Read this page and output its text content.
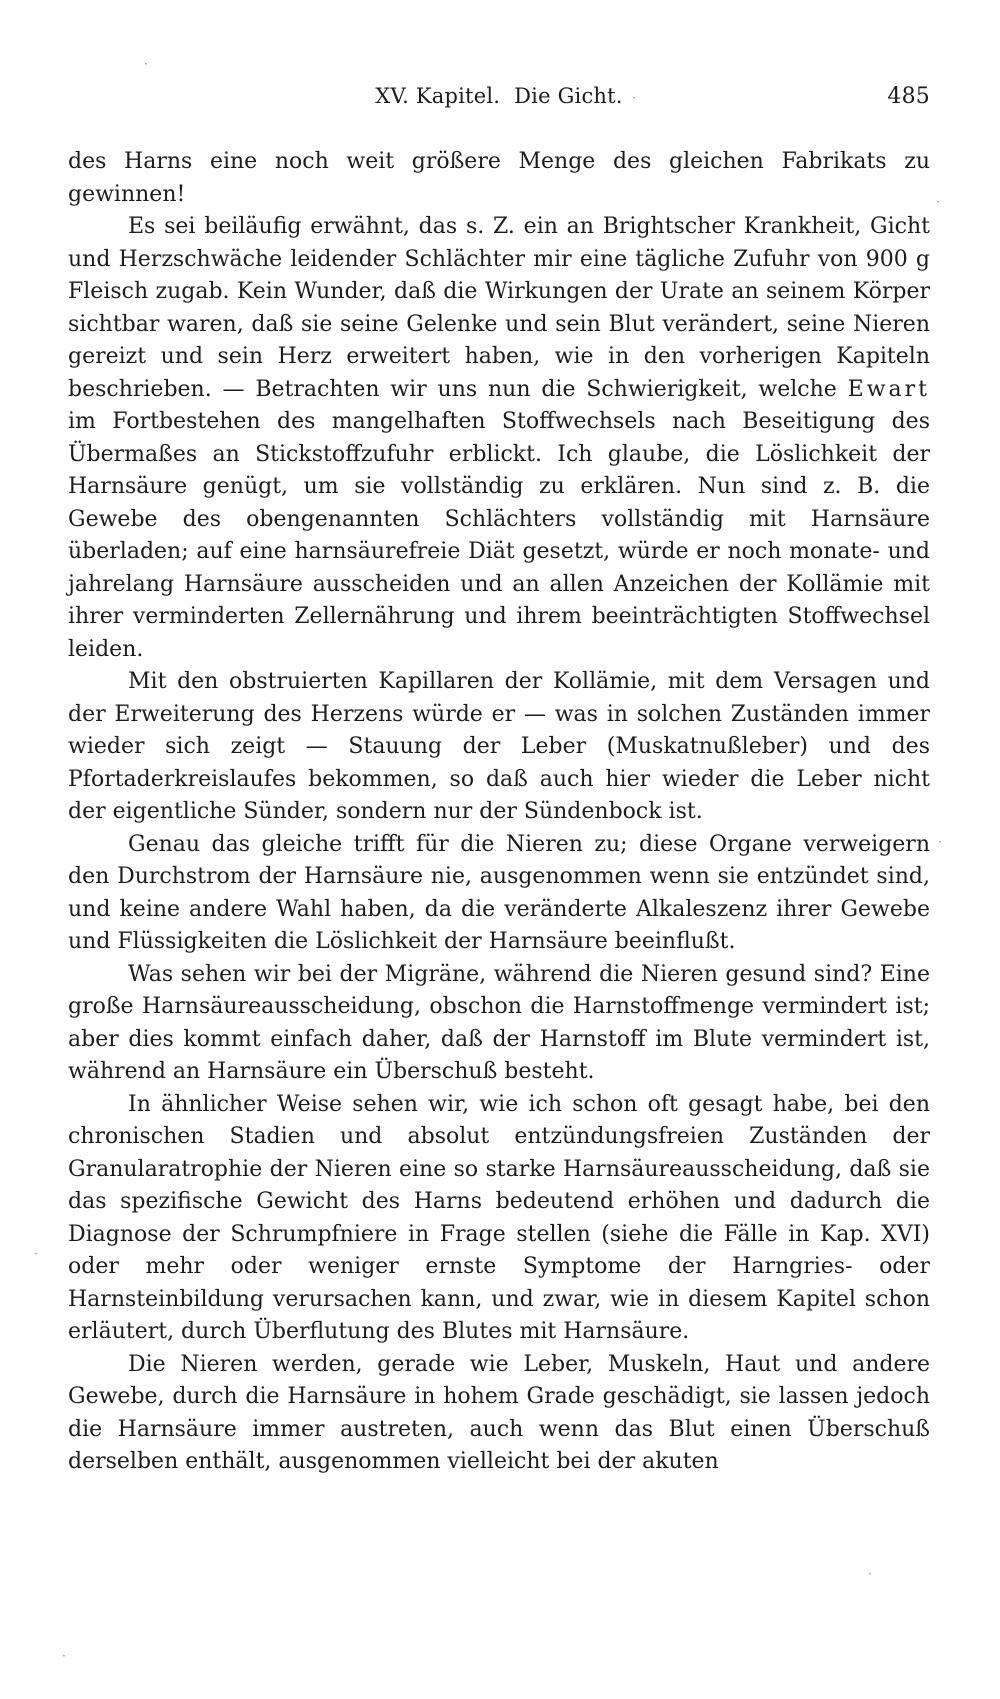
XV. Kapitel. Die Gicht.	485

des Harns eine noch weit größere Menge des gleichen Fabrikats zu gewinnen!

Es sei beiläufig erwähnt, das s. Z. ein an Brightscher Krankheit, Gicht und Herzschwäche leidender Schlächter mir eine tägliche Zufuhr von 900 g Fleisch zugab. Kein Wunder, daß die Wirkungen der Urate an seinem Körper sichtbar waren, daß sie seine Gelenke und sein Blut verändert, seine Nieren gereizt und sein Herz erweitert haben, wie in den vorherigen Kapiteln beschrieben. — Betrachten wir uns nun die Schwierigkeit, welche Ewart im Fortbestehen des mangelhaften Stoffwechsels nach Beseitigung des Übermaßes an Stickstoffzufuhr erblickt. Ich glaube, die Löslichkeit der Harnsäure genügt, um sie vollständig zu erklären. Nun sind z. B. die Gewebe des obengenannten Schlächters vollständig mit Harnsäure überladen; auf eine harnsäurefreie Diät gesetzt, würde er noch monate- und jahrelang Harnsäure ausscheiden und an allen Anzeichen der Kollämie mit ihrer verminderten Zellernährung und ihrem beeinträchtigten Stoffwechsel leiden.

Mit den obstruierten Kapillaren der Kollämie, mit dem Versagen und der Erweiterung des Herzens würde er — was in solchen Zuständen immer wieder sich zeigt — Stauung der Leber (Muskatnußleber) und des Pfortaderkreislaufes bekommen, so daß auch hier wieder die Leber nicht der eigentliche Sünder, sondern nur der Sündenbock ist.

Genau das gleiche trifft für die Nieren zu; diese Organe verweigern den Durchstrom der Harnsäure nie, ausgenommen wenn sie entzündet sind, und keine andere Wahl haben, da die veränderte Alkaleszenz ihrer Gewebe und Flüssigkeiten die Löslichkeit der Harnsäure beeinflußt.

Was sehen wir bei der Migräne, während die Nieren gesund sind? Eine große Harnsäureausscheidung, obschon die Harnstoffmenge vermindert ist; aber dies kommt einfach daher, daß der Harnstoff im Blute vermindert ist, während an Harnsäure ein Überschuß besteht.

In ähnlicher Weise sehen wir, wie ich schon oft gesagt habe, bei den chronischen Stadien und absolut entzündungsfreien Zuständen der Granularatrophie der Nieren eine so starke Harnsäureausscheidung, daß sie das spezifische Gewicht des Harns bedeutend erhöhen und dadurch die Diagnose der Schrumpfniere in Frage stellen (siehe die Fälle in Kap. XVI) oder mehr oder weniger ernste Symptome der Harngries- oder Harnsteinbildung verursachen kann, und zwar, wie in diesem Kapitel schon erläutert, durch Überflutung des Blutes mit Harnsäure.

Die Nieren werden, gerade wie Leber, Muskeln, Haut und andere Gewebe, durch die Harnsäure in hohem Grade geschädigt, sie lassen jedoch die Harnsäure immer austreten, auch wenn das Blut einen Überschuß derselben enthält, ausgenommen vielleicht bei der akuten

·
·
·
·
·
·
·
